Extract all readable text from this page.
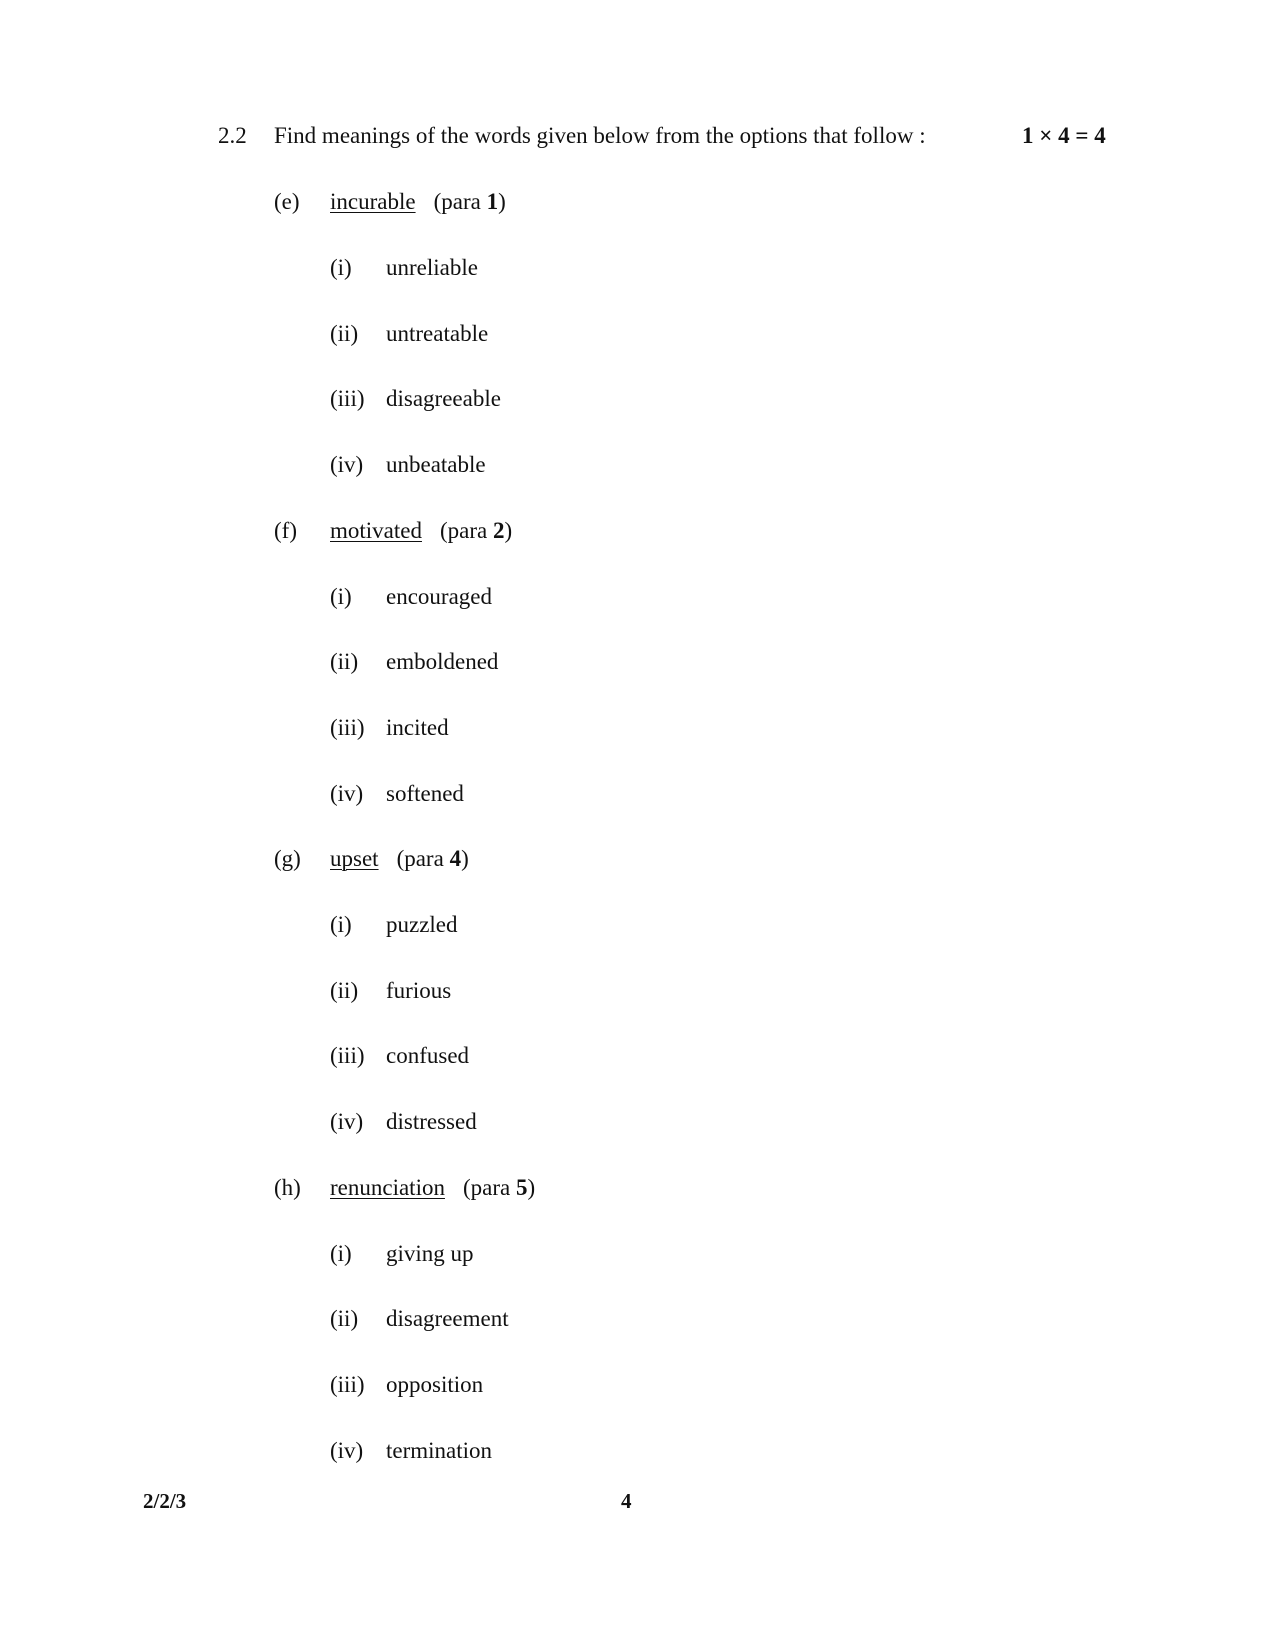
2.2 Find meanings of the words given below from the options that follow :	1 × 4 = 4
(e) incurable (para 1)
(i) unreliable
(ii) untreatable
(iii) disagreeable
(iv) unbeatable
(f) motivated (para 2)
(i) encouraged
(ii) emboldened
(iii) incited
(iv) softened
(g) upset (para 4)
(i) puzzled
(ii) furious
(iii) confused
(iv) distressed
(h) renunciation (para 5)
(i) giving up
(ii) disagreement
(iii) opposition
(iv) termination
2/2/3	4
